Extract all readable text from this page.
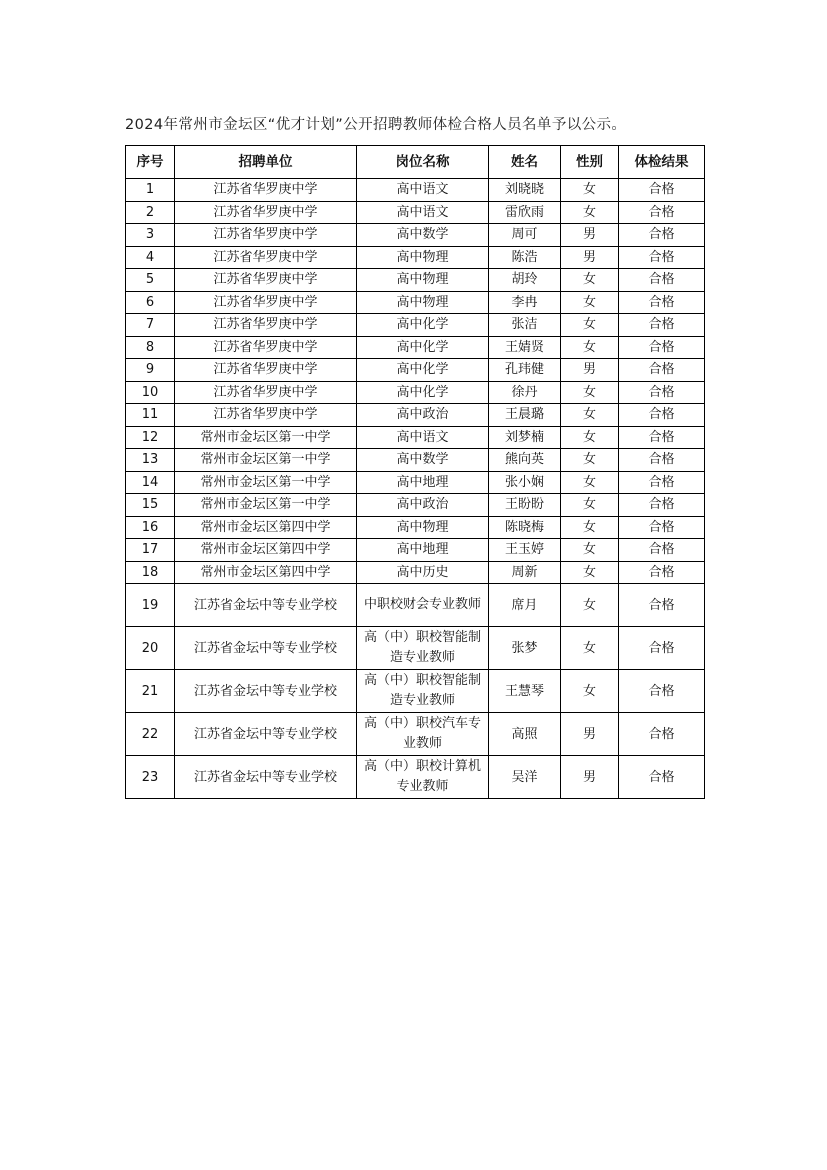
2024年常州市金坛区“优才计划”公开招聘教师体检合格人员名单予以公示。
序号	招聘单位	岗位名称	姓名	性别	体检结果
1	江苏省华罗庚中学	高中语文	刘晓晓	女	合格
2	江苏省华罗庚中学	高中语文	雷欣雨	女	合格
3	江苏省华罗庚中学	高中数学	周可	男	合格
4	江苏省华罗庚中学	高中物理	陈浩	男	合格
5	江苏省华罗庚中学	高中物理	胡玲	女	合格
6	江苏省华罗庚中学	高中物理	李冉	女	合格
7	江苏省华罗庚中学	高中化学	张洁	女	合格
8	江苏省华罗庚中学	高中化学	王婧贤	女	合格
9	江苏省华罗庚中学	高中化学	孔玮健	男	合格
10	江苏省华罗庚中学	高中化学	徐丹	女	合格
11	江苏省华罗庚中学	高中政治	王晨璐	女	合格
12	常州市金坛区第一中学	高中语文	刘梦楠	女	合格
13	常州市金坛区第一中学	高中数学	熊向英	女	合格
14	常州市金坛区第一中学	高中地理	张小娴	女	合格
15	常州市金坛区第一中学	高中政治	王盼盼	女	合格
16	常州市金坛区第四中学	高中物理	陈晓梅	女	合格
17	常州市金坛区第四中学	高中地理	王玉婷	女	合格
18	常州市金坛区第四中学	高中历史	周新	女	合格
19	江苏省金坛中等专业学校	中职校财会专业教师	席月	女	合格
20	江苏省金坛中等专业学校	高（中）职校智能制造专业教师	张梦	女	合格
21	江苏省金坛中等专业学校	高（中）职校智能制造专业教师	王慧琴	女	合格
22	江苏省金坛中等专业学校	高（中）职校汽车专业教师	高照	男	合格
23	江苏省金坛中等专业学校	高（中）职校计算机专业教师	吴洋	男	合格
